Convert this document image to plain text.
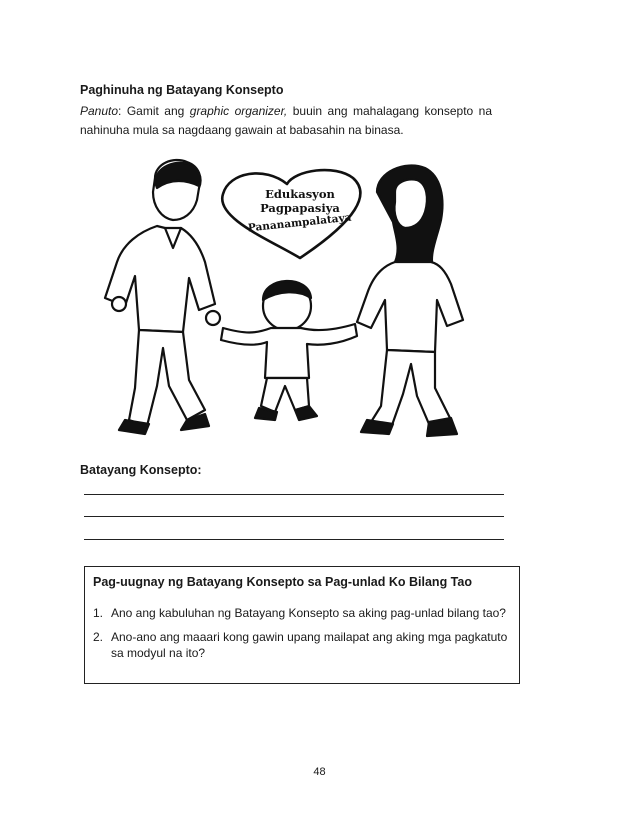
Paghinuha ng Batayang Konsepto
Panuto: Gamit ang graphic organizer, buuin ang mahalagang konsepto na nahinuha mula sa nagdaang gawain at babasahin na binasa.
Edukasyon
Pagpapasiya
Pananampalataya
Batayang Konsepto:
Pag-uugnay ng Batayang Konsepto sa Pag-unlad Ko Bilang Tao
1. Ano ang kabuluhan ng Batayang Konsepto sa aking pag-unlad bilang tao?
2. Ano-ano ang maaari kong gawin upang mailapat ang aking mga pagkatuto sa modyul na ito?
48
